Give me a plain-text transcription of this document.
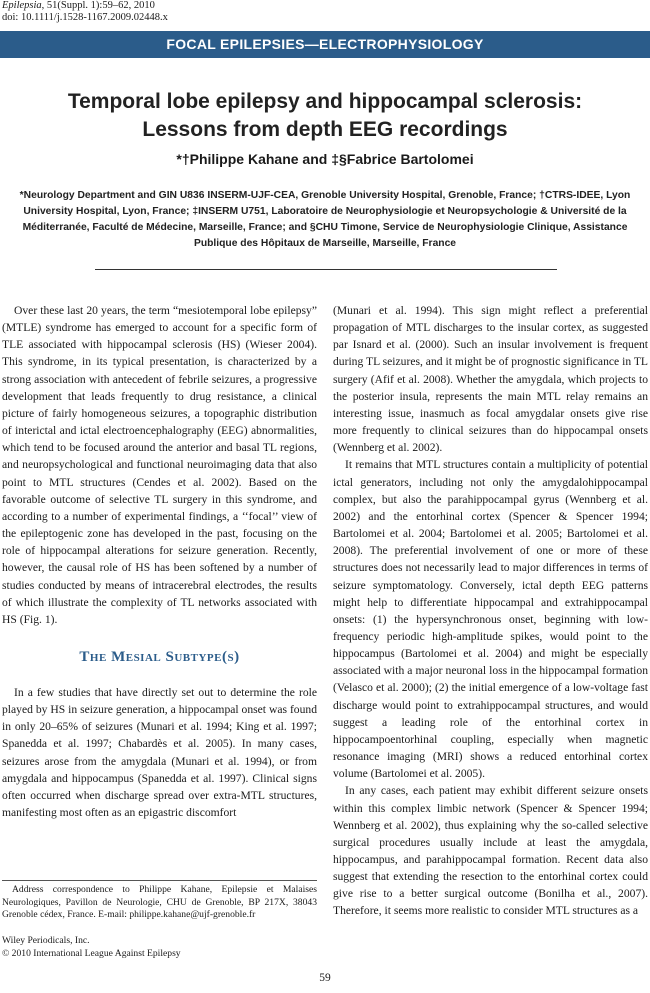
Epilepsia, 51(Suppl. 1):59–62, 2010
doi: 10.1111/j.1528-1167.2009.02448.x
FOCAL EPILEPSIES—ELECTROPHYSIOLOGY
Temporal lobe epilepsy and hippocampal sclerosis:
Lessons from depth EEG recordings
*†Philippe Kahane and ‡§Fabrice Bartolomei
*Neurology Department and GIN U836 INSERM-UJF-CEA, Grenoble University Hospital, Grenoble, France; †CTRS-IDEE, Lyon University Hospital, Lyon, France; ‡INSERM U751, Laboratoire de Neurophysiologie et Neuropsychologie & Université de la Méditerranée, Faculté de Médecine, Marseille, France; and §CHU Timone, Service de Neurophysiologie Clinique, Assistance Publique des Hôpitaux de Marseille, Marseille, France

Over these last 20 years, the term “mesiotemporal lobe epilepsy” (MTLE) syndrome has emerged to account for a specific form of TLE associated with hippocampal sclerosis (HS) (Wieser 2004). This syndrome, in its typical presentation, is characterized by a strong association with antecedent of febrile seizures, a progressive development that leads frequently to drug resistance, a clinical picture of fairly homogeneous seizures, a topographic distribution of interictal and ictal electroencephalography (EEG) abnormalities, which tend to be focused around the anterior and basal TL regions, and neuropsychological and functional neuroimaging data that also point to MTL structures (Cendes et al. 2002). Based on the favorable outcome of selective TL surgery in this syndrome, and according to a number of experimental findings, a ‘‘focal’’ view of the epileptogenic zone has developed in the past, focusing on the role of hippocampal alterations for seizure generation. Recently, however, the causal role of HS has been softened by a number of studies conducted by means of intracerebral electrodes, the results of which illustrate the complexity of TL networks associated with HS (Fig. 1).

The Mesial Subtype(s)

In a few studies that have directly set out to determine the role played by HS in seizure generation, a hippocampal onset was found in only 20–65% of seizures (Munari et al. 1994; King et al. 1997; Spanedda et al. 1997; Chabardès et al. 2005). In many cases, seizures arose from the amygdala (Munari et al. 1994), or from amygdala and hippocampus (Spanedda et al. 1997). Clinical signs often occurred when discharge spread over extra-MTL structures, manifesting most often as an epigastric discomfort

(Munari et al. 1994). This sign might reflect a preferential propagation of MTL discharges to the insular cortex, as suggested par Isnard et al. (2000). Such an insular involvement is frequent during TL seizures, and it might be of prognostic significance in TL surgery (Afif et al. 2008). Whether the amygdala, which projects to the posterior insula, represents the main MTL relay remains an interesting issue, inasmuch as focal amygdalar onsets give rise more frequently to clinical seizures than do hippocampal onsets (Wennberg et al. 2002).

It remains that MTL structures contain a multiplicity of potential ictal generators, including not only the amygdalohippocampal complex, but also the parahippocampal gyrus (Wennberg et al. 2002) and the entorhinal cortex (Spencer & Spencer 1994; Bartolomei et al. 2004; Bartolomei et al. 2005; Bartolomei et al. 2008). The preferential involvement of one or more of these structures does not necessarily lead to major differences in terms of seizure symptomatology. Conversely, ictal depth EEG patterns might help to differentiate hippocampal and extrahippocampal onsets: (1) the hypersynchronous onset, beginning with low-frequency periodic high-amplitude spikes, would point to the hippocampus (Bartolomei et al. 2004) and might be especially associated with a major neuronal loss in the hippocampal formation (Velasco et al. 2000); (2) the initial emergence of a low-voltage fast discharge would point to extrahippocampal structures, and would suggest a leading role of the entorhinal cortex in hippocampoentorhinal coupling, especially when magnetic resonance imaging (MRI) shows a reduced entorhinal cortex volume (Bartolomei et al. 2005).

In any cases, each patient may exhibit different seizure onsets within this complex limbic network (Spencer & Spencer 1994; Wennberg et al. 2002), thus explaining why the so-called selective surgical procedures usually include at least the amygdala, hippocampus, and parahippocampal formation. Recent data also suggest that extending the resection to the entorhinal cortex could give rise to a better surgical outcome (Bonilha et al., 2007). Therefore, it seems more realistic to consider MTL structures as a

Address correspondence to Philippe Kahane, Epilepsie et Malaises Neurologiques, Pavillon de Neurologie, CHU de Grenoble, BP 217X, 38043 Grenoble cédex, France. E-mail: philippe.kahane@ujf-grenoble.fr

Wiley Periodicals, Inc.
© 2010 International League Against Epilepsy
59
